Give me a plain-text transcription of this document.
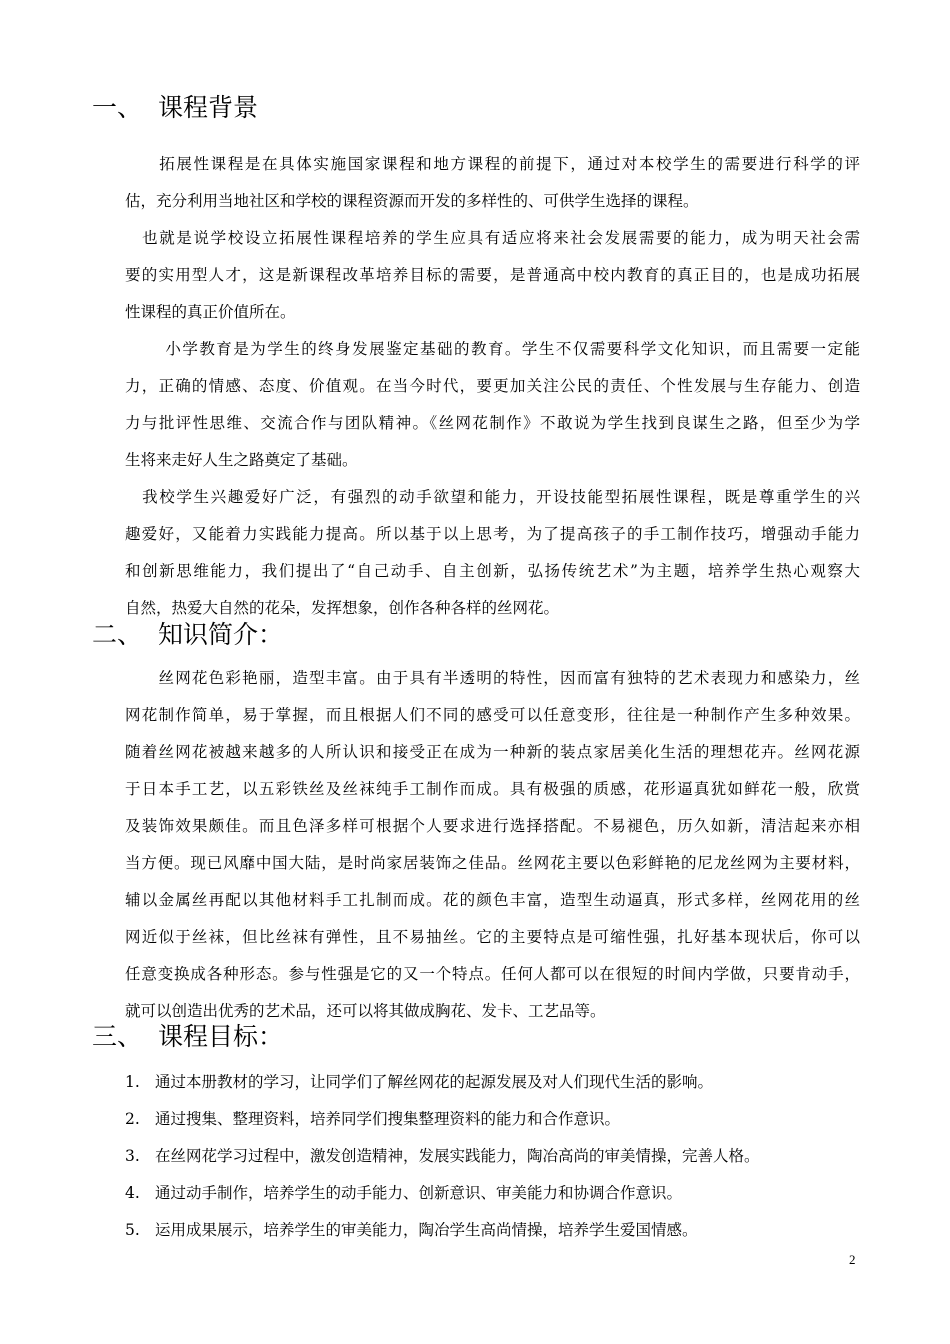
一、 课程背景
　　拓展性课程是在具体实施国家课程和地方课程的前提下，通过对本校学生的需要进行科学的评
估，充分利用当地社区和学校的课程资源而开发的多样性的、可供学生选择的课程。
　也就是说学校设立拓展性课程培养的学生应具有适应将来社会发展需要的能力，成为明天社会需
要的实用型人才，这是新课程改革培养目标的需要，是普通高中校内教育的真正目的，也是成功拓展
性课程的真正价值所在。
　　 小学教育是为学生的终身发展鉴定基础的教育。学生不仅需要科学文化知识，而且需要一定能
力，正确的情感、态度、价值观。在当今时代，要更加关注公民的责任、个性发展与生存能力、创造
力与批评性思维、交流合作与团队精神。《丝网花制作》不敢说为学生找到良谋生之路，但至少为学
生将来走好人生之路奠定了基础。
　我校学生兴趣爱好广泛，有强烈的动手欲望和能力，开设技能型拓展性课程，既是尊重学生的兴
趣爱好，又能着力实践能力提高。所以基于以上思考，为了提高孩子的手工制作技巧，增强动手能力
和创新思维能力，我们提出了“自己动手、自主创新，弘扬传统艺术”为主题，培养学生热心观察大
自然，热爱大自然的花朵，发挥想象，创作各种各样的丝网花。
二、 知识简介：
　　丝网花色彩艳丽，造型丰富。由于具有半透明的特性，因而富有独特的艺术表现力和感染力，丝
网花制作简单，易于掌握，而且根据人们不同的感受可以任意变形，往往是一种制作产生多种效果。
随着丝网花被越来越多的人所认识和接受正在成为一种新的装点家居美化生活的理想花卉。丝网花源
于日本手工艺，以五彩铁丝及丝袜纯手工制作而成。具有极强的质感，花形逼真犹如鲜花一般，欣赏
及装饰效果颇佳。而且色泽多样可根据个人要求进行选择搭配。不易褪色，历久如新，清洁起来亦相
当方便。现已风靡中国大陆，是时尚家居装饰之佳品。丝网花主要以色彩鲜艳的尼龙丝网为主要材料，
辅以金属丝再配以其他材料手工扎制而成。花的颜色丰富，造型生动逼真，形式多样，丝网花用的丝
网近似于丝袜，但比丝袜有弹性，且不易抽丝。它的主要特点是可缩性强，扎好基本现状后，你可以
任意变换成各种形态。参与性强是它的又一个特点。任何人都可以在很短的时间内学做，只要肯动手，
就可以创造出优秀的艺术品，还可以将其做成胸花、发卡、工艺品等。
三、 课程目标：
1. 通过本册教材的学习，让同学们了解丝网花的起源发展及对人们现代生活的影响。
2. 通过搜集、整理资料，培养同学们搜集整理资料的能力和合作意识。
3. 在丝网花学习过程中，激发创造精神，发展实践能力，陶冶高尚的审美情操，完善人格。
4. 通过动手制作，培养学生的动手能力、创新意识、审美能力和协调合作意识。
5. 运用成果展示，培养学生的审美能力，陶冶学生高尚情操，培养学生爱国情感。
2
